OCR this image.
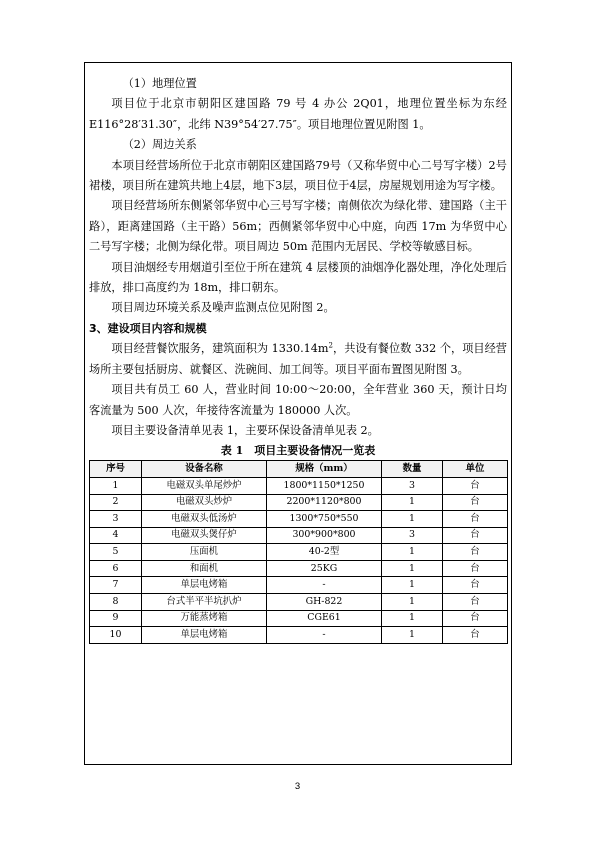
（1）地理位置

项目位于北京市朝阳区建国路 79 号 4 办公 2Q01，地理位置坐标为东经E116°28′31.30″，北纬 N39°54′27.75″。项目地理位置见附图 1。

（2）周边关系

本项目经营场所位于北京市朝阳区建国路79号（又称华贸中心二号写字楼）2号裙楼，项目所在建筑共地上4层，地下3层，项目位于4层，房屋规划用途为写字楼。

项目经营场所东侧紧邻华贸中心三号写字楼；南侧依次为绿化带、建国路（主干路），距离建国路（主干路）56m；西侧紧邻华贸中心中庭，向西 17m 为华贸中心二号写字楼；北侧为绿化带。项目周边 50m 范围内无居民、学校等敏感目标。

项目油烟经专用烟道引至位于所在建筑 4 层楼顶的油烟净化器处理，净化处理后排放，排口高度约为 18m，排口朝东。

项目周边环境关系及噪声监测点位见附图 2。

3、建设项目内容和规模

项目经营餐饮服务，建筑面积为 $1330.14m^2$，共设有餐位数 332 个，项目经营场所主要包括厨房、就餐区、洗碗间、加工间等。项目平面布置图见附图 3。

项目共有员工 60 人，营业时间 10:00～20:00，全年营业 360 天，预计日均客流量为 500 人次，年接待客流量为 180000 人次。

项目主要设备清单见表 1，主要环保设备清单见表 2。

表 1　项目主要设备情况一览表

序号	设备名称	规格（mm）	数量	单位
1	电磁双头单尾炒炉	1800*1150*1250	3	台
2	电磁双头炒炉	2200*1120*800	1	台
3	电磁双头低汤炉	1300*750*550	1	台
4	电磁双头煲仔炉	300*900*800	3	台
5	压面机	40-2型	1	台
6	和面机	25KG	1	台
7	单层电烤箱	-	1	台
8	台式半平半坑扒炉	GH-822	1	台
9	万能蒸烤箱	CGE61	1	台
10	单层电烤箱	-	1	台
3
